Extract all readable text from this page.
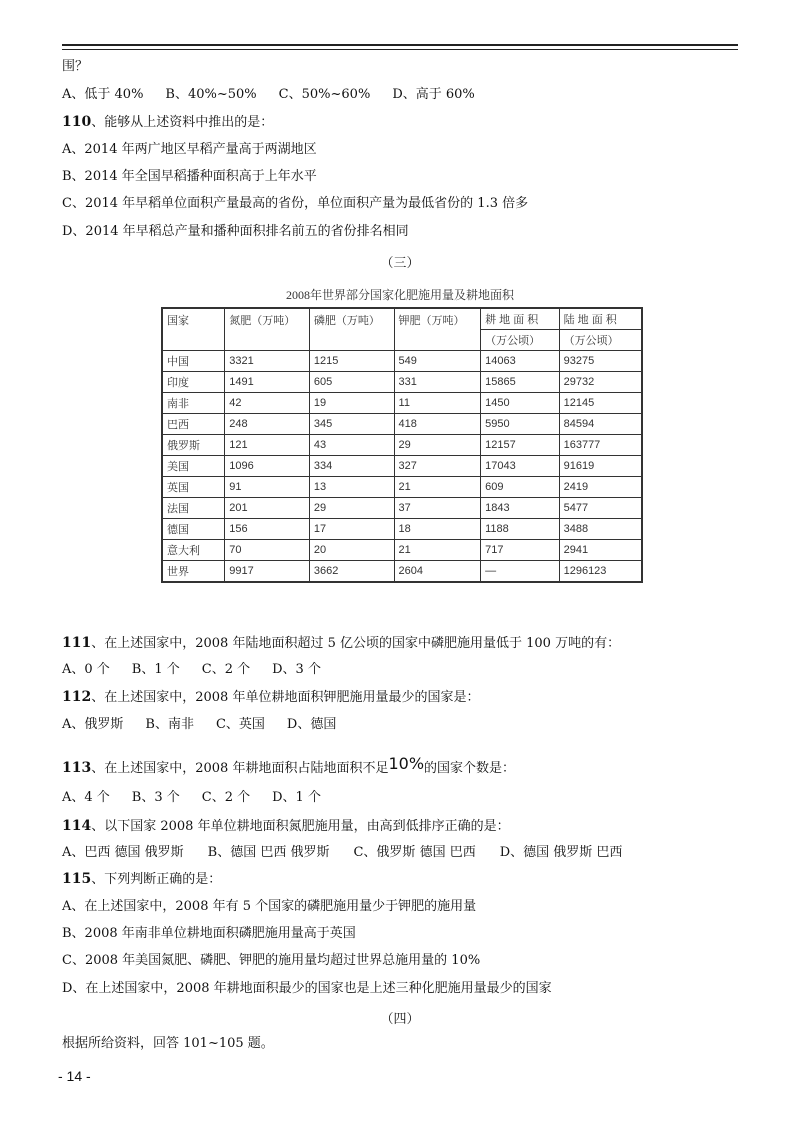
围？
A、低于 40% B、40%~50% C、50%~60% D、高于 60%
110、能够从上述资料中推出的是：
A、2014 年两广地区早稻产量高于两湖地区
B、2014 年全国早稻播种面积高于上年水平
C、2014 年早稻单位面积产量最高的省份，单位面积产量为最低省份的 1.3 倍多
D、2014 年早稻总产量和播种面积排名前五的省份排名相同
（三）
2008年世界部分国家化肥施用量及耕地面积
国家	氮肥（万吨）	磷肥（万吨）	钾肥（万吨）	耕 地 面 积	陆 地 面 积
				（万公顷）	（万公顷）
中国	3321	1215	549	14063	93275
印度	1491	605	331	15865	29732
南非	42	19	11	1450	12145
巴西	248	345	418	5950	84594
俄罗斯	121	43	29	12157	163777
美国	1096	334	327	17043	91619
英国	91	13	21	609	2419
法国	201	29	37	1843	5477
德国	156	17	18	1188	3488
意大利	70	20	21	717	2941
世界	9917	3662	2604	—	1296123
111、在上述国家中，2008 年陆地面积超过 5 亿公顷的国家中磷肥施用量低于 100 万吨的有：
A、0 个 B、1 个 C、2 个 D、3 个
112、在上述国家中，2008 年单位耕地面积钾肥施用量最少的国家是：
A、俄罗斯 B、南非 C、英国 D、德国
113、在上述国家中，2008 年耕地面积占陆地面积不足10%的国家个数是：
A、4 个 B、3 个 C、2 个 D、1 个
114、以下国家 2008 年单位耕地面积氮肥施用量，由高到低排序正确的是：
A、巴西 德国 俄罗斯 B、德国 巴西 俄罗斯 C、俄罗斯 德国 巴西 D、德国 俄罗斯 巴西
115、下列判断正确的是：
A、在上述国家中，2008 年有 5 个国家的磷肥施用量少于钾肥的施用量
B、2008 年南非单位耕地面积磷肥施用量高于英国
C、2008 年美国氮肥、磷肥、钾肥的施用量均超过世界总施用量的 10%
D、在上述国家中，2008 年耕地面积最少的国家也是上述三种化肥施用量最少的国家
（四）
根据所给资料，回答 101~105 题。
- 14 -
